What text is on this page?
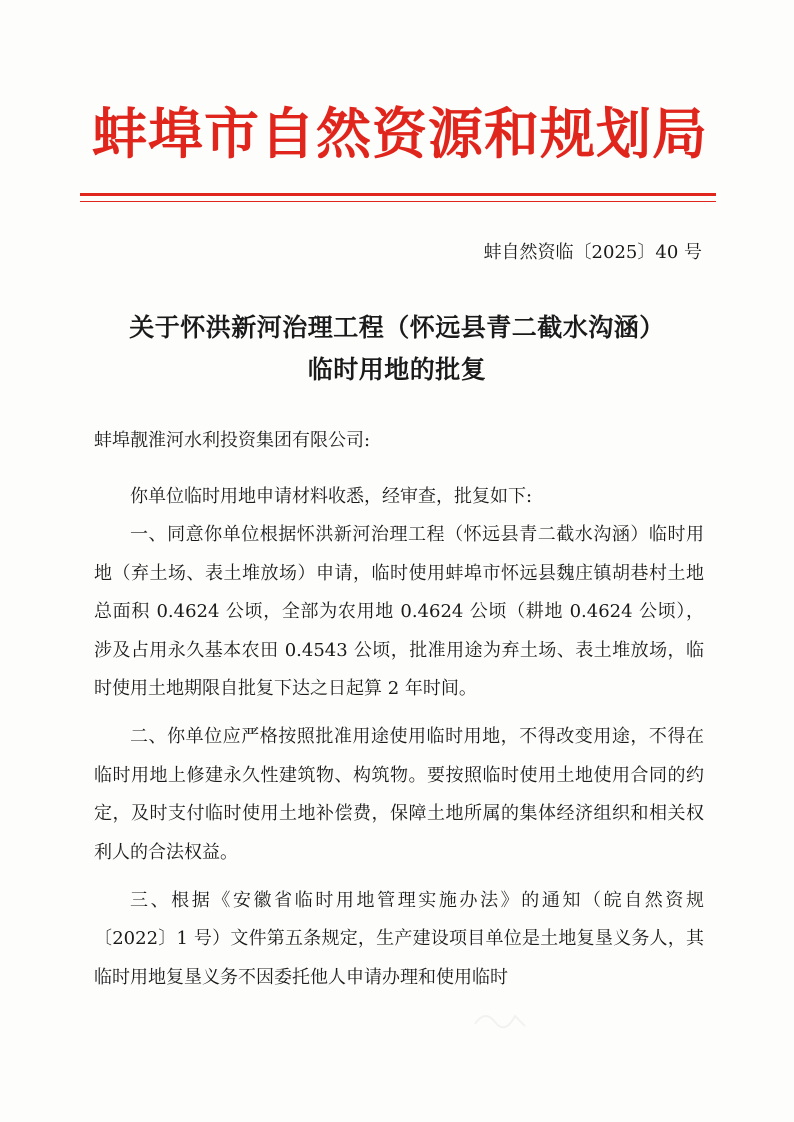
蚌埠市自然资源和规划局
蚌自然资临〔2025〕40 号
关于怀洪新河治理工程（怀远县青二截水沟涵）
临时用地的批复
蚌埠靓淮河水利投资集团有限公司:

你单位临时用地申请材料收悉，经审查，批复如下:

一、同意你单位根据怀洪新河治理工程（怀远县青二截水沟涵）临时用地（弃土场、表土堆放场）申请，临时使用蚌埠市怀远县魏庄镇胡巷村土地总面积 0.4624 公顷，全部为农用地 0.4624 公顷（耕地 0.4624 公顷），涉及占用永久基本农田 0.4543 公顷，批准用途为弃土场、表土堆放场，临时使用土地期限自批复下达之日起算 2 年时间。

二、你单位应严格按照批准用途使用临时用地，不得改变用途，不得在临时用地上修建永久性建筑物、构筑物。要按照临时使用土地使用合同的约定，及时支付临时使用土地补偿费，保障土地所属的集体经济组织和相关权利人的合法权益。

三、根据《安徽省临时用地管理实施办法》的通知（皖自然资规〔2022〕1 号）文件第五条规定，生产建设项目单位是土地复垦义务人，其临时用地复垦义务不因委托他人申请办理和使用临时
